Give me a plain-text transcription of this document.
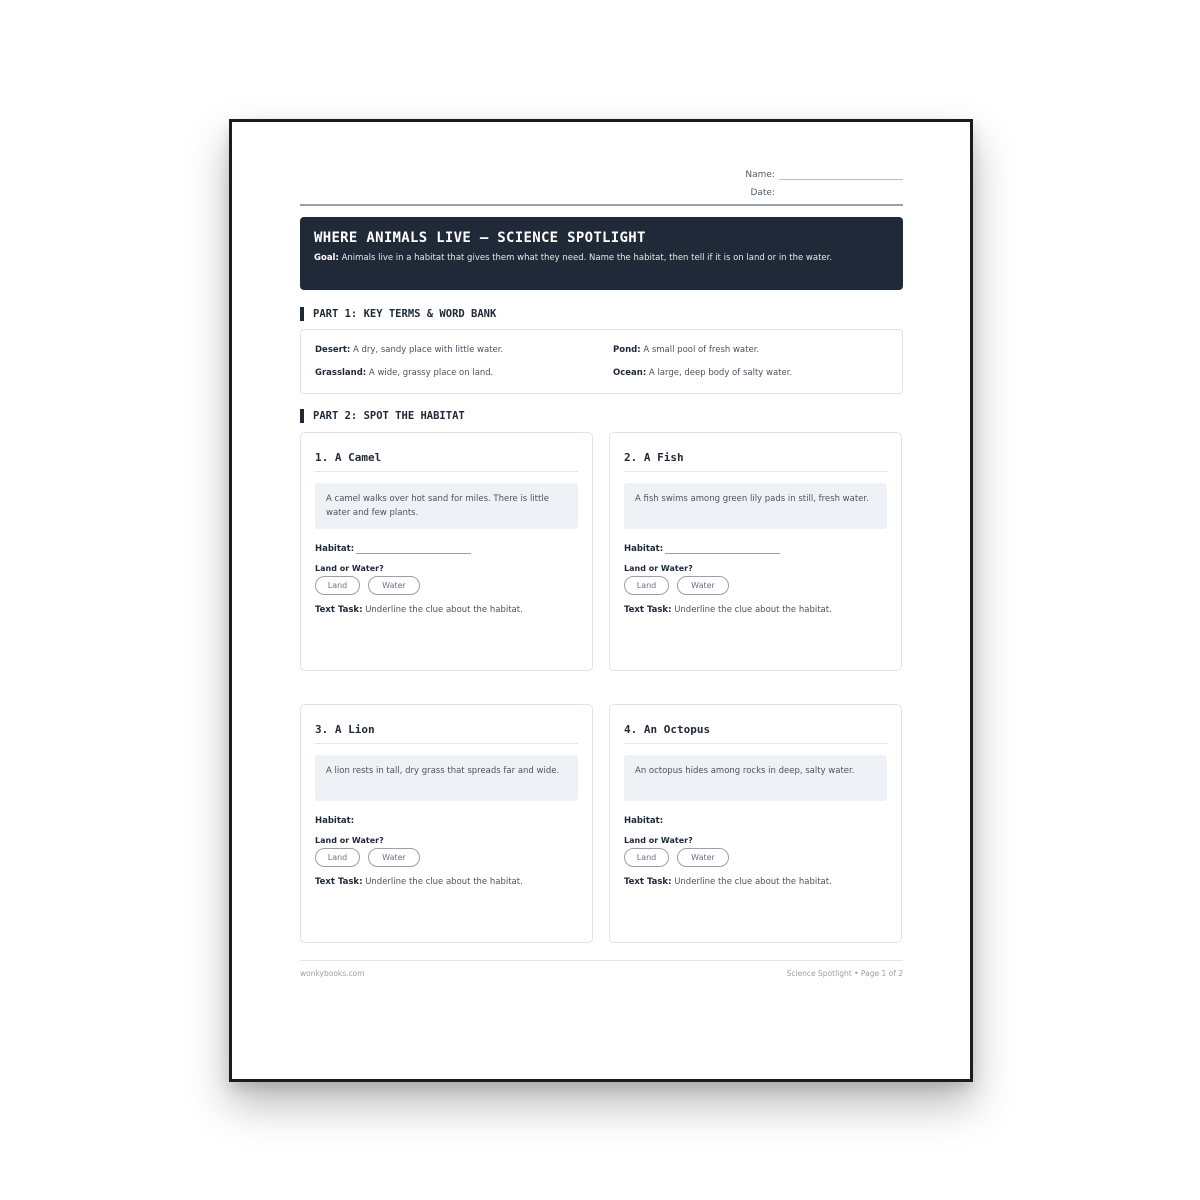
Name:
Date:
WHERE ANIMALS LIVE — SCIENCE SPOTLIGHT
Goal: Animals live in a habitat that gives them what they need. Name the habitat, then tell if it is on land or in the water.
PART 1: KEY TERMS & WORD BANK
Desert: A dry, sandy place with little water.	Pond: A small pool of fresh water.
Grassland: A wide, grassy place on land.	Ocean: A large, deep body of salty water.
PART 2: SPOT THE HABITAT
1. A Camel
A camel walks over hot sand for miles. There is little water and few plants.
Habitat:
Land or Water?
Land	Water
Text Task: Underline the clue about the habitat.
2. A Fish
A fish swims among green lily pads in still, fresh water.
Habitat:
Land or Water?
Land	Water
Text Task: Underline the clue about the habitat.
3. A Lion
A lion rests in tall, dry grass that spreads far and wide.
Habitat:
Land or Water?
Land	Water
Text Task: Underline the clue about the habitat.
4. An Octopus
An octopus hides among rocks in deep, salty water.
Habitat:
Land or Water?
Land	Water
Text Task: Underline the clue about the habitat.
wonkybooks.com	Science Spotlight • Page 1 of 2
